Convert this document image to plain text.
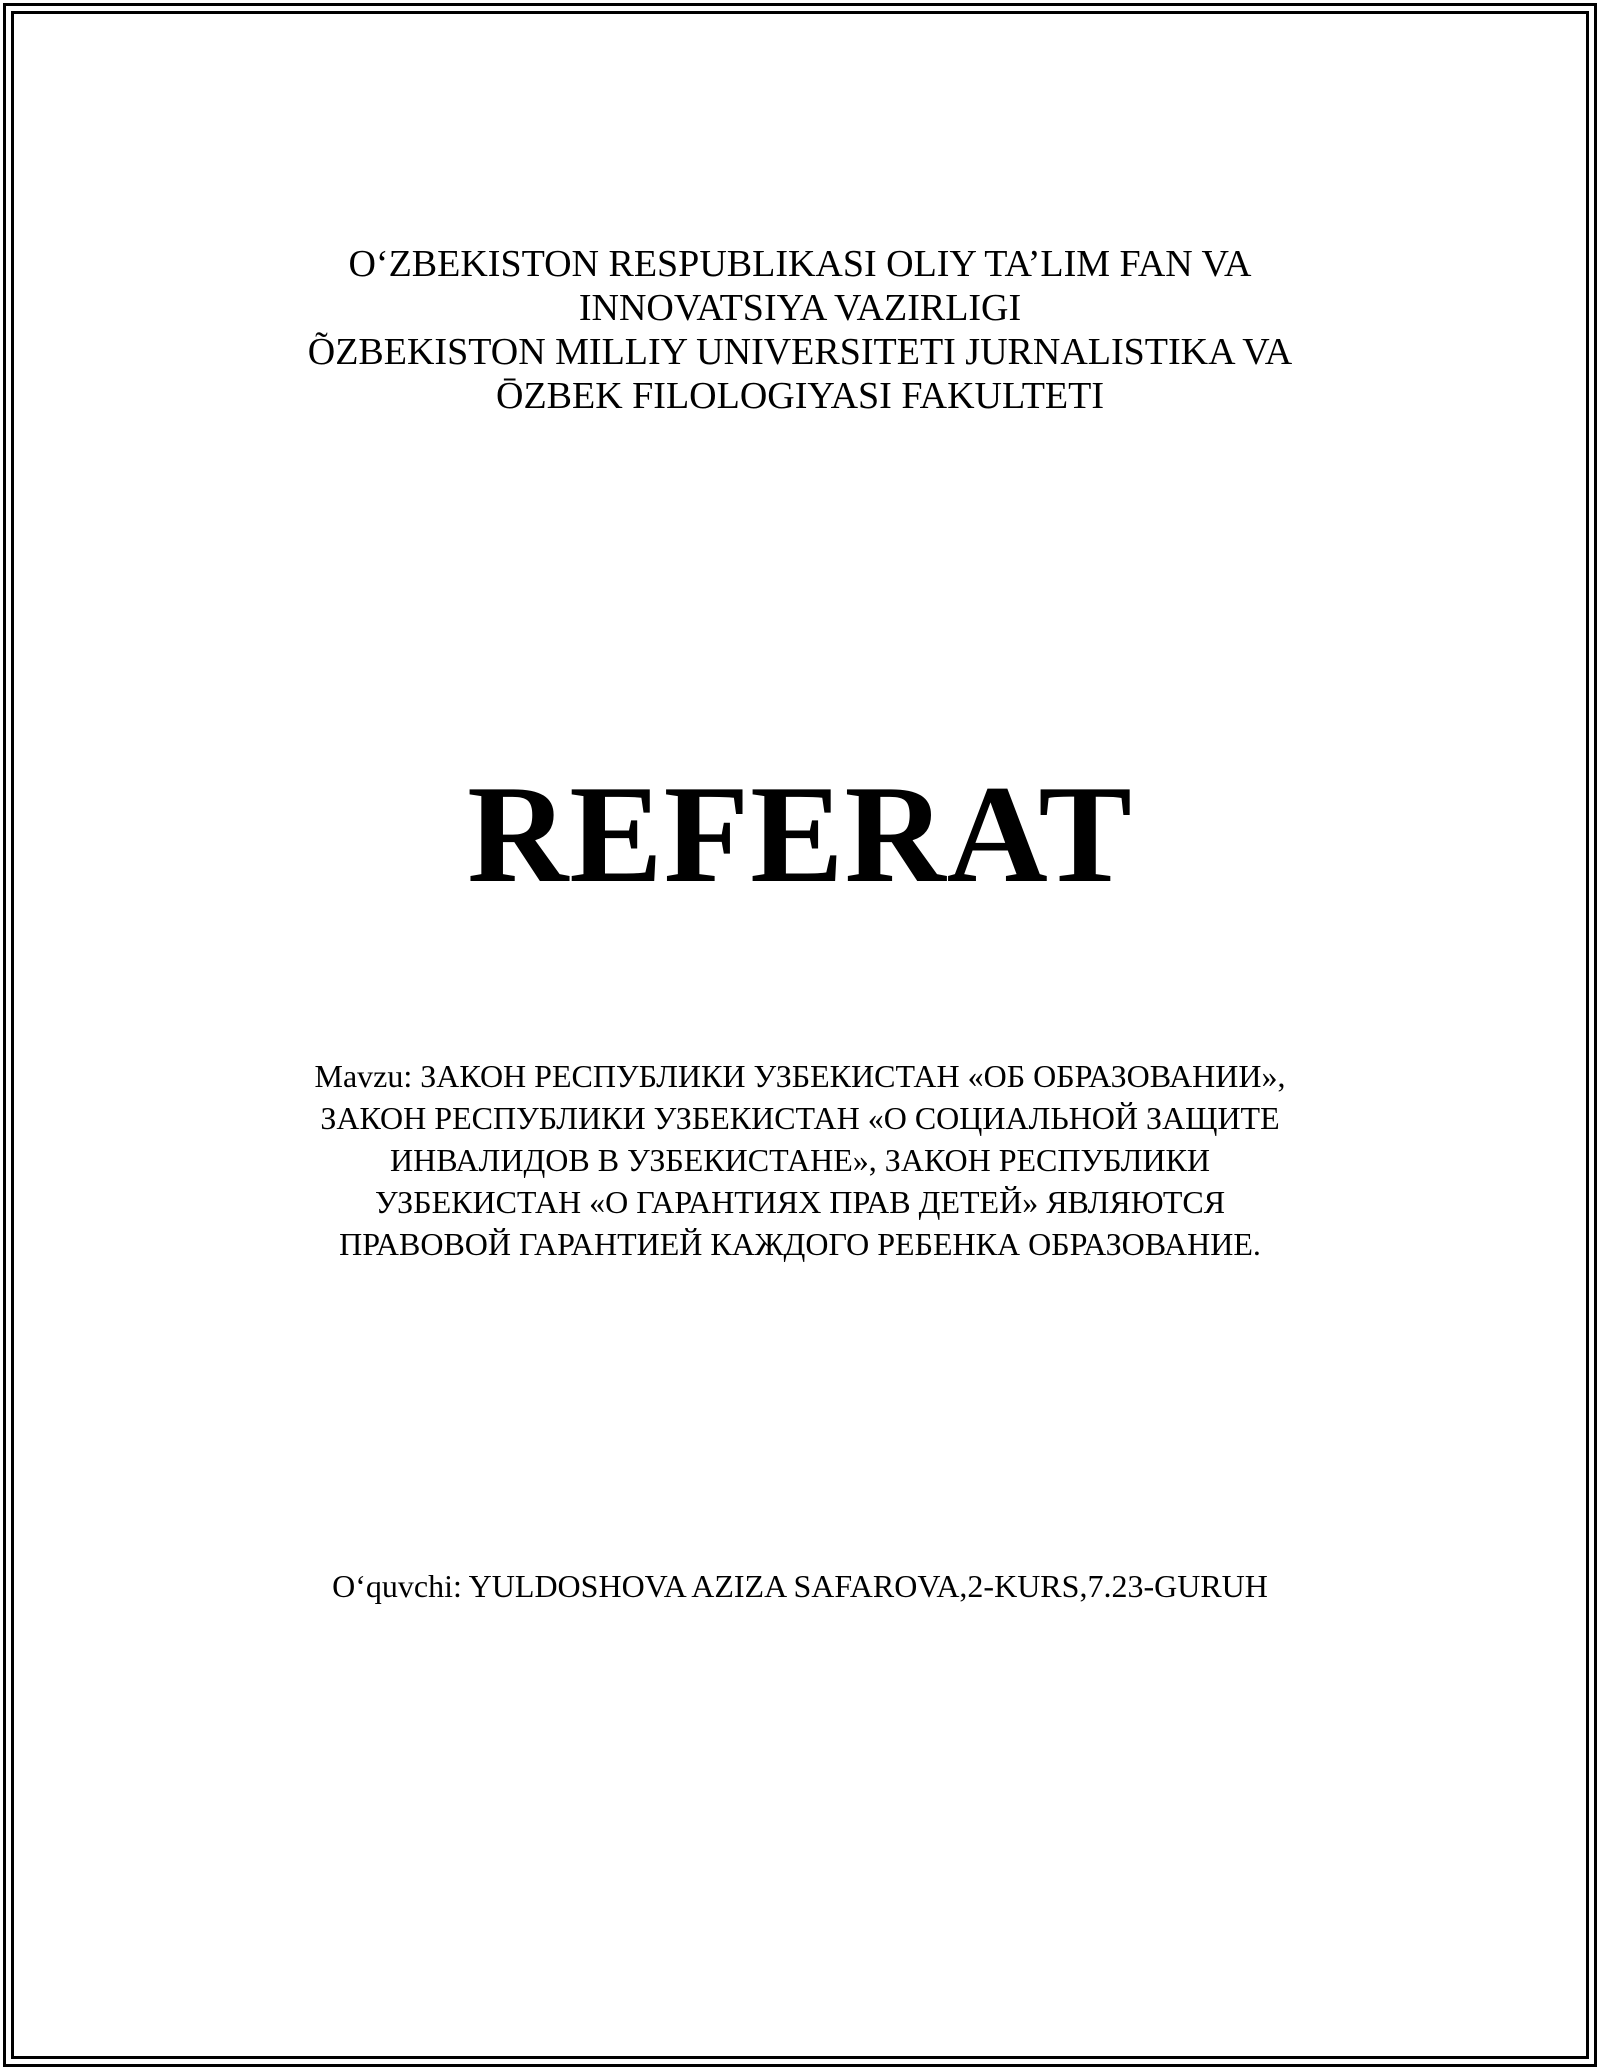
O‘ZBEKISTON RESPUBLIKASI OLIY TA’LIM FAN VA
INNOVATSIYA VAZIRLIGI
ÕZBEKISTON MILLIY UNIVERSITETI JURNALISTIKA VA
ŌZBEK FILOLOGIYASI FAKULTETI
REFERAT
Mavzu: ЗАКОН РЕСПУБЛИКИ УЗБЕКИСТАН «ОБ ОБРАЗОВАНИИ»,
ЗАКОН РЕСПУБЛИКИ УЗБЕКИСТАН «О СОЦИАЛЬНОЙ ЗАЩИТЕ
ИНВАЛИДОВ В УЗБЕКИСТАНЕ», ЗАКОН РЕСПУБЛИКИ
УЗБЕКИСТАН «О ГАРАНТИЯХ ПРАВ ДЕТЕЙ» ЯВЛЯЮТСЯ
ПРАВОВОЙ ГАРАНТИЕЙ КАЖДОГО РЕБЕНКА ОБРАЗОВАНИЕ.
O‘quvchi: YULDOSHOVA AZIZA SAFAROVA,2-KURS,7.23-GURUH
